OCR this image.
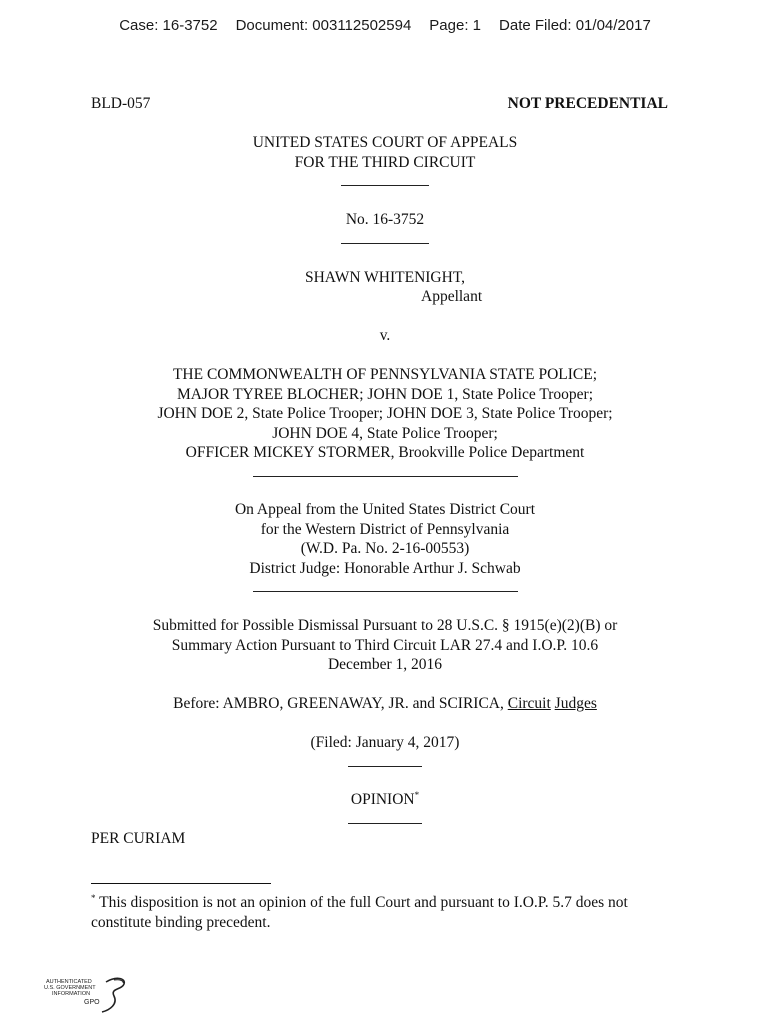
Case: 16-3752 Document: 003112502594 Page: 1 Date Filed: 01/04/2017
BLD-057	NOT PRECEDENTIAL
UNITED STATES COURT OF APPEALS
FOR THE THIRD CIRCUIT
No. 16-3752
SHAWN WHITENIGHT,
Appellant
v.
THE COMMONWEALTH OF PENNSYLVANIA STATE POLICE;
MAJOR TYREE BLOCHER; JOHN DOE 1, State Police Trooper;
JOHN DOE 2, State Police Trooper; JOHN DOE 3, State Police Trooper;
JOHN DOE 4, State Police Trooper;
OFFICER MICKEY STORMER, Brookville Police Department
On Appeal from the United States District Court
for the Western District of Pennsylvania
(W.D. Pa. No. 2-16-00553)
District Judge: Honorable Arthur J. Schwab
Submitted for Possible Dismissal Pursuant to 28 U.S.C. § 1915(e)(2)(B) or
Summary Action Pursuant to Third Circuit LAR 27.4 and I.O.P. 10.6
December 1, 2016
Before: AMBRO, GREENAWAY, JR. and SCIRICA, Circuit Judges
(Filed: January 4, 2017)
OPINION*
PER CURIAM
* This disposition is not an opinion of the full Court and pursuant to I.O.P. 5.7 does not
constitute binding precedent.
AUTHENTICATED
U.S. GOVERNMENT
INFORMATION
GPO
